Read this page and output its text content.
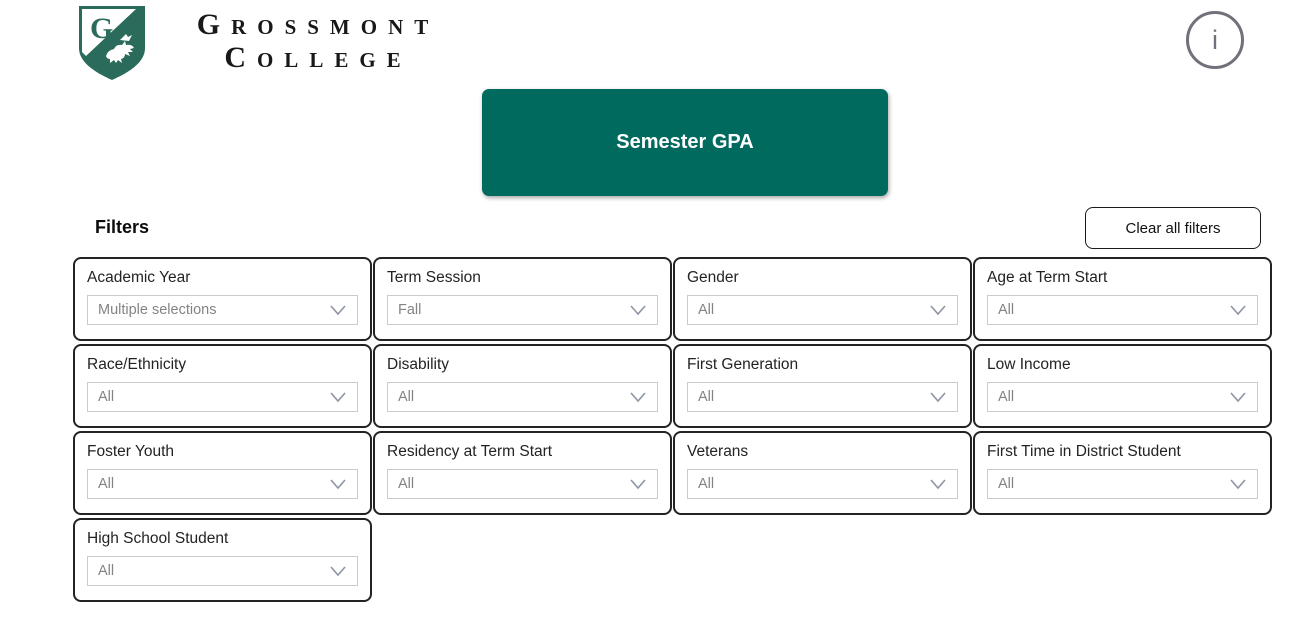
G	Grossmont
College
i
Semester GPA
Filters	Clear all filters
Academic Year
Multiple selections
Term Session
Fall
Gender
All
Age at Term Start
All
Race/Ethnicity
All
Disability
All
First Generation
All
Low Income
All
Foster Youth
All
Residency at Term Start
All
Veterans
All
First Time in District Student
All
High School Student
All
